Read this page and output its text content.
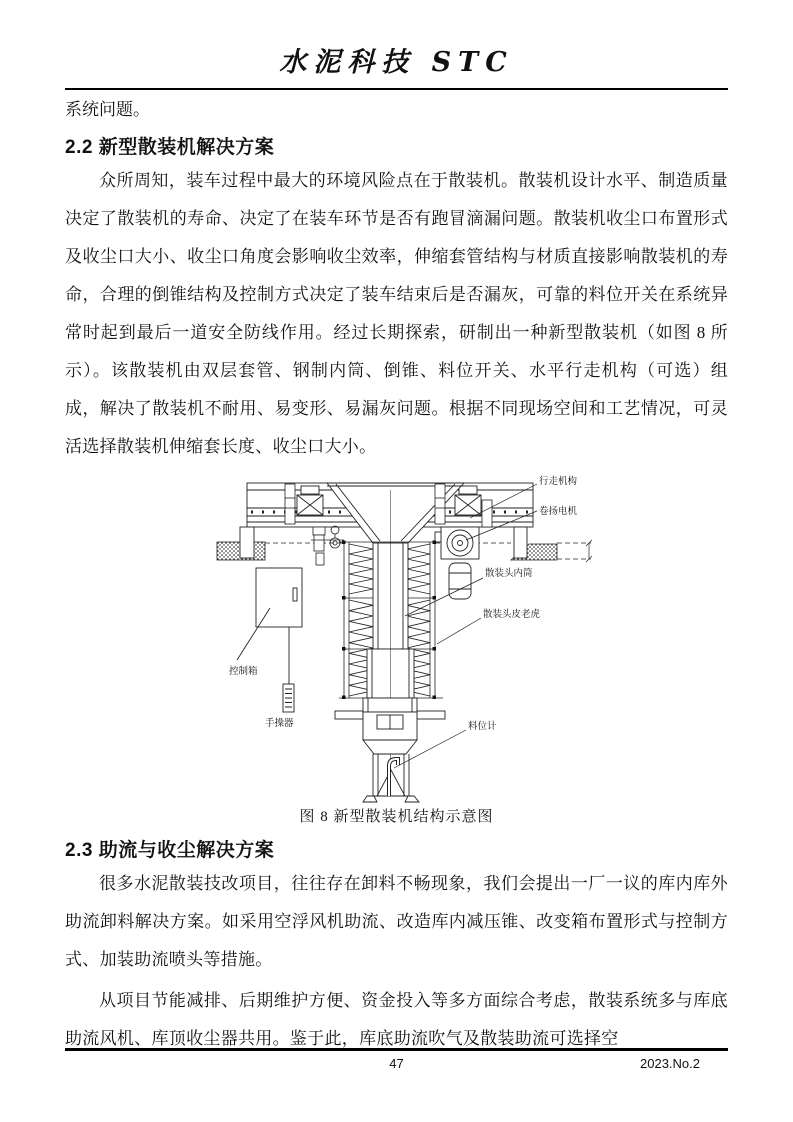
水泥科技 STC

系统问题。

2.2 新型散装机解决方案

众所周知，装车过程中最大的环境风险点在于散装机。散装机设计水平、制造质量决定了散装机的寿命、决定了在装车环节是否有跑冒滴漏问题。散装机收尘口布置形式及收尘口大小、收尘口角度会影响收尘效率，伸缩套管结构与材质直接影响散装机的寿命，合理的倒锥结构及控制方式决定了装车结束后是否漏灰，可靠的料位开关在系统异常时起到最后一道安全防线作用。经过长期探索，研制出一种新型散装机（如图 8 所示）。该散装机由双层套管、钢制内筒、倒锥、料位开关、水平行走机构（可选）组成，解决了散装机不耐用、易变形、易漏灰问题。根据不同现场空间和工艺情况，可灵活选择散装机伸缩套长度、收尘口大小。

行走机构
卷扬电机
散装头内筒
散装头皮老虎
料位计
控制箱
手操器
图 8 新型散装机结构示意图
2.3 助流与收尘解决方案

很多水泥散装技改项目，往往存在卸料不畅现象，我们会提出一厂一议的库内库外助流卸料解决方案。如采用空浮风机助流、改造库内减压锥、改变箱布置形式与控制方式、加装助流喷头等措施。

从项目节能减排、后期维护方便、资金投入等多方面综合考虑，散装系统多与库底助流风机、库顶收尘器共用。鉴于此，库底助流吹气及散装助流可选择空

47	2023.No.2
